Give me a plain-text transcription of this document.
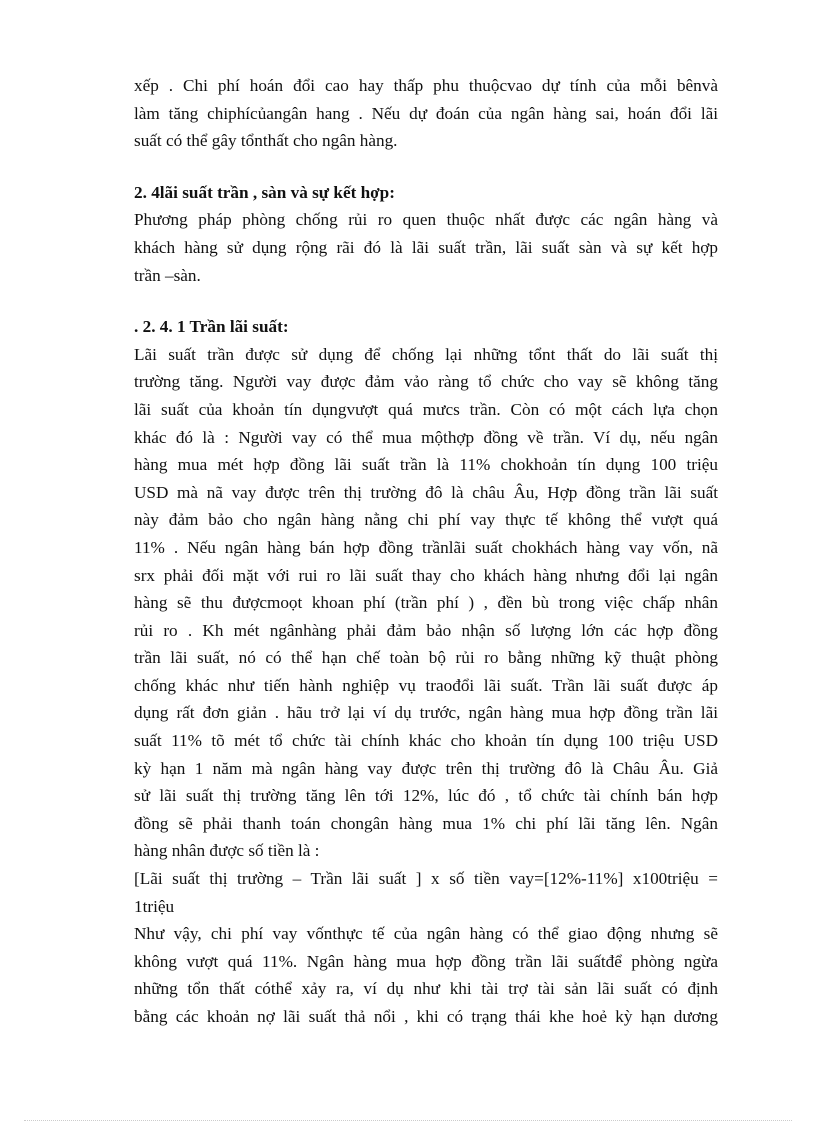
xếp . Chi phí hoán đổi cao hay thấp phu thuộcvao dự tính của mỗi bênvà
làm tăng chiphícủangân hang . Nếu dự đoán của ngân hàng sai, hoán đổi lãi
suất có thể gây tổnthất cho ngân hàng.
2. 4lãi suất trần , sàn và sự kết hợp:
Phương pháp phòng chống rủi ro quen thuộc nhất được các ngân hàng và
khách hàng sử dụng rộng rãi đó là lãi suất trần, lãi suất sàn và sự kết hợp
trần –sàn.
. 2. 4. 1 Trần lãi suất:
Lãi suất trần được sử dụng để chống lại những tổnt thất do lãi suất thị
trường tăng. Người vay được đảm vảo ràng tổ chức cho vay sẽ không tăng
lãi suất của khoản tín dụngvượt quá mưcs trần. Còn có một cách lựa chọn
khác đó là : Người vay có thể mua mộthợp đồng về trần. Ví dụ, nếu ngân
hàng mua mét hợp đồng lãi suất trần là 11% chokhoản tín dụng 100 triệu
USD mà nã vay được trên thị trường đô là châu Âu, Hợp đồng trần lãi suất
này đảm bảo cho ngân hàng nằng chi phí vay thực tế không thể vượt quá
11% . Nếu ngân hàng bán hợp đồng trầnlãi suất chokhách hàng vay vốn, nã
srx phải đối mặt với rui ro lãi suất thay cho khách hàng nhưng đổi lại ngân
hàng sẽ thu đượcmoọt khoan phí (trần phí ) , đền bù trong việc chấp nhân
rủi ro . Kh mét ngânhàng phải đảm bảo nhận số lượng lớn các hợp đồng
trần lãi suất, nó có thể hạn chế toàn bộ rủi ro bằng những kỹ thuật phòng
chống khác như tiến hành nghiệp vụ traođổi lãi suất. Trần lãi suất được áp
dụng rất đơn giản . hãu trở lại ví dụ trước, ngân hàng mua hợp đồng trần lãi
suất 11% tõ mét tổ chức tài chính khác cho khoản tín dụng 100 triệu USD
kỳ hạn 1 năm mà ngân hàng vay được trên thị trường đô là Châu Âu. Giả
sử lãi suất thị trường tăng lên tới 12%, lúc đó , tổ chức tài chính bán hợp
đồng sẽ phải thanh toán chongân hàng mua 1% chi phí lãi tăng lên. Ngân
hàng nhân được số tiền là :
[Lãi suất thị trường – Trần lãi suất ] x số tiền vay=[12%-11%] x100triệu =
1triệu
Như vậy, chi phí vay vốnthực tế của ngân hàng có thể giao động nhưng sẽ
không vượt quá 11%. Ngân hàng mua hợp đồng trần lãi suấtđể phòng ngừa
những tổn thất cóthể xảy ra, ví dụ như khi tài trợ tài sản lãi suất có định
bằng các khoản nợ lãi suất thả nổi , khi có trạng thái khe hoẻ kỳ hạn dương
